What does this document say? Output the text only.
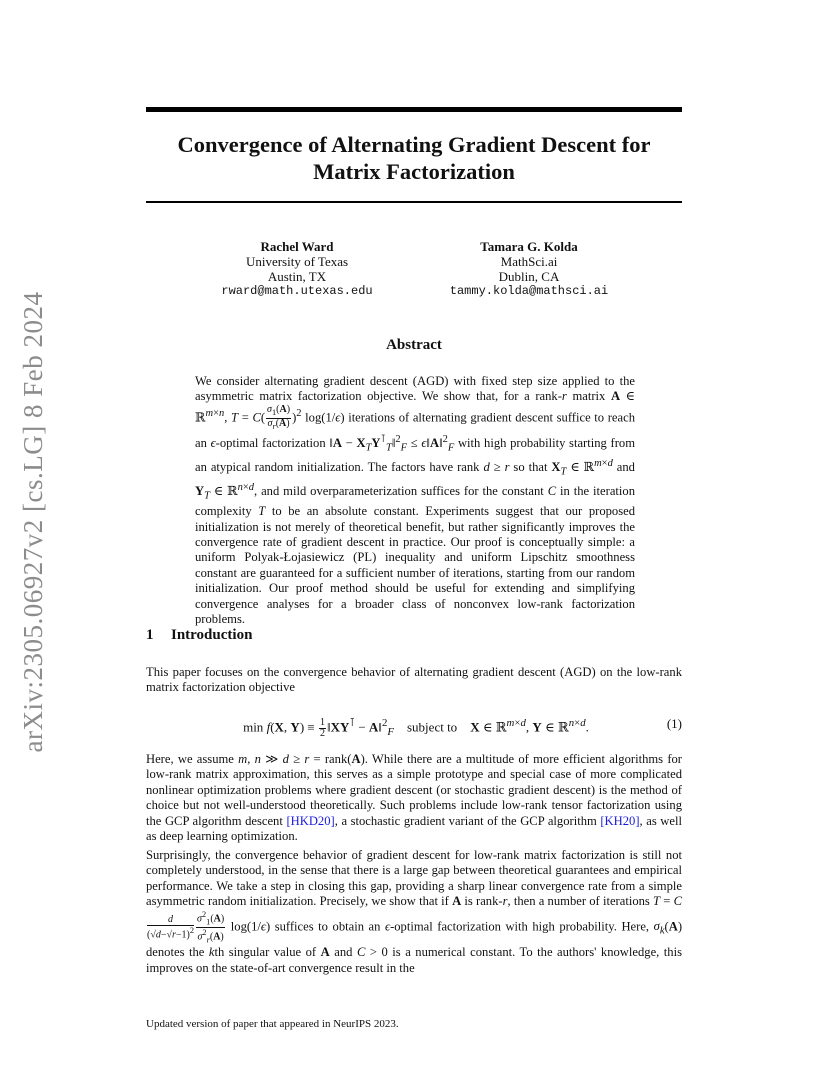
arXiv:2305.06927v2 [cs.LG] 8 Feb 2024
Convergence of Alternating Gradient Descent for
Matrix Factorization
Rachel Ward
University of Texas
Austin, TX
rward@math.utexas.edu
Tamara G. Kolda
MathSci.ai
Dublin, CA
tammy.kolda@mathsci.ai
Abstract
We consider alternating gradient descent (AGD) with fixed step size applied to the asymmetric matrix factorization objective. We show that, for a rank-r matrix A ∈ ℝ$^{m\times n}$, $T = C( \frac{\sigma_1(A)}{\sigma_r(A)} )^2$ log(1/ϵ) iterations of alternating gradient descent suffice to reach an ϵ-optimal factorization ‖A − $X_TY^⊺_T‖^2_F$ ≤ ϵ‖A‖$^2_F$ with high probability starting from an atypical random initialization. The factors have rank d ≥ r so that $X_T$ ∈ ℝ$^{m\times d}$ and $Y_T$ ∈ ℝ$^{n\times d}$, and mild overparameterization suffices for the constant C in the iteration complexity T to be an absolute constant. Experiments suggest that our proposed initialization is not merely of theoretical benefit, but rather significantly improves the convergence rate of gradient descent in practice. Our proof is conceptually simple: a uniform Polyak-Łojasiewicz (PL) inequality and uniform Lipschitz smoothness constant are guaranteed for a sufficient number of iterations, starting from our random initialization. Our proof method should be useful for extending and simplifying convergence analyses for a broader class of nonconvex low-rank factorization problems.
1 Introduction
This paper focuses on the convergence behavior of alternating gradient descent (AGD) on the low-rank matrix factorization objective
min f(X, $Y) \equiv \frac{1}{2}$ ‖XY⊺ − A‖$^2_F$ subject to X ∈ ℝ$^{m\times d}$, Y ∈ ℝ$^{n\times d}$.	(1)
Here, we assume m, n ≫ d ≥ r = rank(A). While there are a multitude of more efficient algorithms for low-rank matrix approximation, this serves as a simple prototype and special case of more complicated nonlinear optimization problems where gradient descent (or stochastic gradient descent) is the method of choice but not well-understood theoretically. Such problems include low-rank tensor factorization using the GCP algorithm descent [HKD20], a stochastic gradient variant of the GCP algorithm [KH20], as well as deep learning optimization.
Surprisingly, the convergence behavior of gradient descent for low-rank matrix factorization is still not completely understood, in the sense that there is a large gap between theoretical guarantees and empirical performance. We take a step in closing this gap, providing a sharp linear convergence rate from a simple asymmetric random initialization. Precisely, we show that if A is rank-r, then a number of iterations T = C
$\frac{d}{(√d-√r-1)^2} \frac{\sigma^2_1(A)}{\sigma^2_r(A)} \log(1/\epsilon)$ suffices to obtain an ϵ-optimal factorization with high probability. Here, $\sigma_k(A)$ denotes the kth singular value of A and C > 0 is a numerical constant. To the authors' knowledge, this improves on the state-of-art convergence result in the
Updated version of paper that appeared in NeurIPS 2023.
